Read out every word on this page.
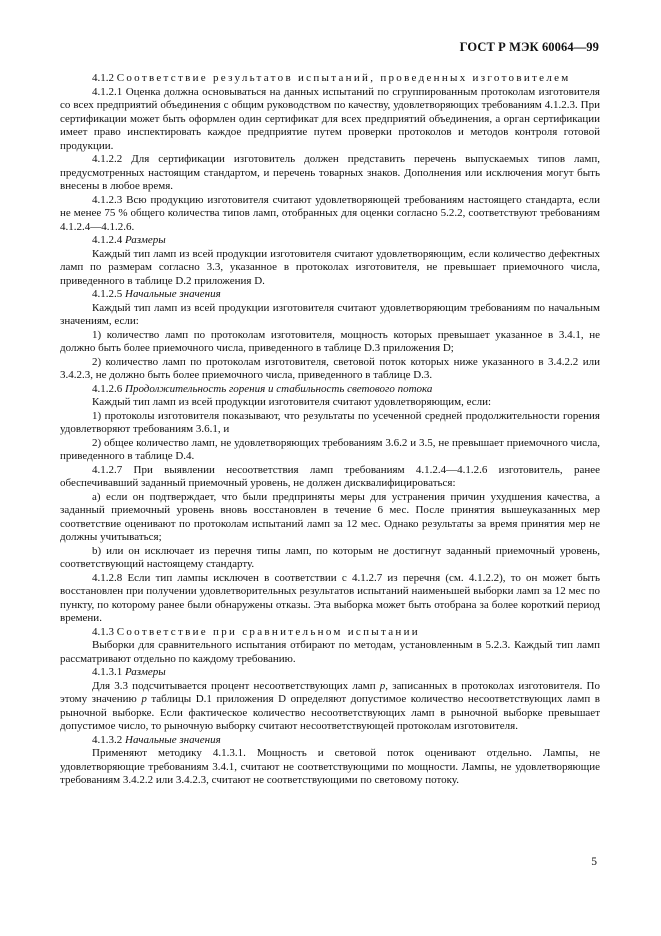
ГОСТ Р МЭК 60064—99

4.1.2 Соответствие результатов испытаний, проведенных изготовителем

4.1.2.1 Оценка должна основываться на данных испытаний по сгруппированным протоколам изготовителя со всех предприятий объединения с общим руководством по качеству, удовлетворяющих требованиям 4.1.2.3. При сертификации может быть оформлен один сертификат для всех предприятий объединения, а орган сертификации имеет право инспектировать каждое предприятие путем проверки протоколов и методов контроля готовой продукции.

4.1.2.2 Для сертификации изготовитель должен представить перечень выпускаемых типов ламп, предусмотренных настоящим стандартом, и перечень товарных знаков. Дополнения или исключения могут быть внесены в любое время.

4.1.2.3 Всю продукцию изготовителя считают удовлетворяющей требованиям настоящего стандарта, если не менее 75 % общего количества типов ламп, отобранных для оценки согласно 5.2.2, соответствуют требованиям 4.1.2.4—4.1.2.6.

4.1.2.4 Размеры

Каждый тип ламп из всей продукции изготовителя считают удовлетворяющим, если количество дефектных ламп по размерам согласно 3.3, указанное в протоколах изготовителя, не превышает приемочного числа, приведенного в таблице D.2 приложения D.

4.1.2.5 Начальные значения

Каждый тип ламп из всей продукции изготовителя считают удовлетворяющим требованиям по начальным значениям, если:

1) количество ламп по протоколам изготовителя, мощность которых превышает указанное в 3.4.1, не должно быть более приемочного числа, приведенного в таблице D.3 приложения D;

2) количество ламп по протоколам изготовителя, световой поток которых ниже указанного в 3.4.2.2 или 3.4.2.3, не должно быть более приемочного числа, приведенного в таблице D.3.

4.1.2.6 Продолжительность горения и стабильность светового потока

Каждый тип ламп из всей продукции изготовителя считают удовлетворяющим, если:

1) протоколы изготовителя показывают, что результаты по усеченной средней продолжительности горения удовлетворяют требованиям 3.6.1, и

2) общее количество ламп, не удовлетворяющих требованиям 3.6.2 и 3.5, не превышает приемочного числа, приведенного в таблице D.4.

4.1.2.7 При выявлении несоответствия ламп требованиям 4.1.2.4—4.1.2.6 изготовитель, ранее обеспечивавший заданный приемочный уровень, не должен дисквалифицироваться:

а) если он подтверждает, что были предприняты меры для устранения причин ухудшения качества, а заданный приемочный уровень вновь восстановлен в течение 6 мес. После принятия вышеуказанных мер соответствие оценивают по протоколам испытаний ламп за 12 мес. Однако результаты за время принятия мер не должны учитываться;

b) или он исключает из перечня типы ламп, по которым не достигнут заданный приемочный уровень, соответствующий настоящему стандарту.

4.1.2.8 Если тип лампы исключен в соответствии с 4.1.2.7 из перечня (см. 4.1.2.2), то он может быть восстановлен при получении удовлетворительных результатов испытаний наименьшей выборки ламп за 12 мес по пункту, по которому ранее были обнаружены отказы. Эта выборка может быть отобрана за более короткий период времени.

4.1.3 Соответствие при сравнительном испытании

Выборки для сравнительного испытания отбирают по методам, установленным в 5.2.3. Каждый тип ламп рассматривают отдельно по каждому требованию.

4.1.3.1 Размеры

Для 3.3 подсчитывается процент несоответствующих ламп p, записанных в протоколах изготовителя. По этому значению p таблицы D.1 приложения D определяют допустимое количество несоответствующих ламп в рыночной выборке. Если фактическое количество несоответствующих ламп в рыночной выборке превышает допустимое число, то рыночную выборку считают несоответствующей протоколам изготовителя.

4.1.3.2 Начальные значения

Применяют методику 4.1.3.1. Мощность и световой поток оценивают отдельно. Лампы, не удовлетворяющие требованиям 3.4.1, считают не соответствующими по мощности. Лампы, не удовлетворяющие требованиям 3.4.2.2 или 3.4.2.3, считают не соответствующими по световому потоку.

5
